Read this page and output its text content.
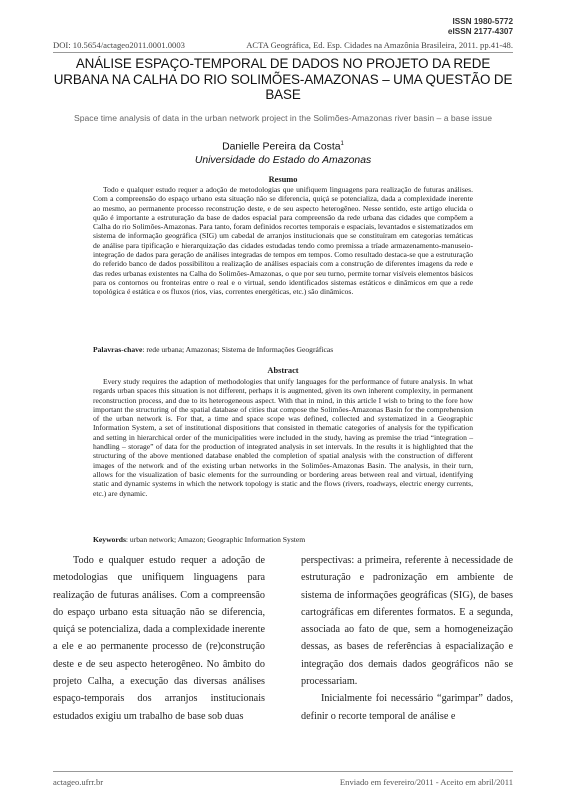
ISSN 1980-5772
eISSN 2177-4307
DOI: 10.5654/actageo2011.0001.0003	ACTA Geográfica, Ed. Esp. Cidades na Amazônia Brasileira, 2011. pp.41-48.
ANÁLISE ESPAÇO-TEMPORAL DE DADOS NO PROJETO DA REDE URBANA NA CALHA DO RIO SOLIMÕES-AMAZONAS – UMA QUESTÃO DE BASE
Space time analysis of data in the urban network project in the Solimões-Amazonas river basin – a base issue
Danielle Pereira da Costa$^1$
Universidade do Estado do Amazonas
Resumo
Todo e qualquer estudo requer a adoção de metodologias que unifiquem linguagens para realização de futuras análises. Com a compreensão do espaço urbano esta situação não se diferencia, quiçá se potencializa, dada a complexidade inerente ao mesmo, ao permanente processo reconstrução deste, e de seu aspecto heterogêneo. Nesse sentido, este artigo elucida o quão é importante a estruturação da base de dados espacial para compreensão da rede urbana das cidades que compõem a Calha do rio Solimões-Amazonas. Para tanto, foram definidos recortes temporais e espaciais, levantados e sistematizados em sistema de informação geográfica (SIG) um cabedal de arranjos institucionais que se constituíram em categorias temáticas de análise para tipificação e hierarquização das cidades estudadas tendo como premissa a tríade armazenamento-manuseio-integração de dados para geração de análises integradas de tempos em tempos. Como resultado destaca-se que a estruturação do referido banco de dados possibilitou a realização de análises espaciais com a construção de diferentes imagens da rede e das redes urbanas existentes na Calha do Solimões-Amazonas, o que por seu turno, permite tornar visíveis elementos básicos para os contornos ou fronteiras entre o real e o virtual, sendo identificados sistemas estáticos e dinâmicos em que a rede topológica é estática e os fluxos (rios, vias, correntes energéticas, etc.) são dinâmicos.
Palavras-chave: rede urbana; Amazonas; Sistema de Informações Geográficas
Abstract
Every study requires the adaption of methodologies that unify languages for the performance of future analysis. In what regards urban spaces this situation is not different, perhaps it is augmented, given its own inherent complexity, in permanent reconstruction process, and due to its heterogeneous aspect. With that in mind, in this article I wish to bring to the fore how important the structuring of the spatial database of cities that compose the Solimões-Amazonas Basin for the comprehension of the urban network is. For that, a time and space scope was defined, collected and systematized in a Geographic Information System, a set of institutional dispositions that consisted in thematic categories of analysis for the typification and setting in hierarchical order of the municipalities were included in the study, having as premise the triad “integration – handling – storage” of data for the production of integrated analysis in set intervals. In the results it is highlighted that the structuring of the above mentioned database enabled the completion of spatial analysis with the construction of different images of the network and of the existing urban networks in the Solimões-Amazonas Basin. The analysis, in their turn, allows for the visualization of basic elements for the surrounding or bordering areas between real and virtual, identifying static and dynamic systems in which the network topology is static and the flows (rivers, roadways, electric energy currents, etc.) are dynamic.
Keywords: urban network; Amazon; Geographic Information System

Todo e qualquer estudo requer a adoção de metodologias que unifiquem linguagens para realização de futuras análises. Com a compreensão do espaço urbano esta situação não se diferencia, quiçá se potencializa, dada a complexidade inerente a ele e ao permanente processo de (re)construção deste e de seu aspecto heterogêneo. No âmbito do projeto Calha, a execução das diversas análises espaço-temporais dos arranjos institucionais estudados exigiu um trabalho de base sob duas

perspectivas: a primeira, referente à necessidade de estruturação e padronização em ambiente de sistema de informações geográficas (SIG), de bases cartográficas em diferentes formatos. E a segunda, associada ao fato de que, sem a homogeneização dessas, as bases de referências à espacialização e integração dos demais dados geográficos não se processariam.

Inicialmente foi necessário “garimpar” dados, definir o recorte temporal de análise e

actageo.ufrr.br	Enviado em fevereiro/2011 - Aceito em abril/2011
